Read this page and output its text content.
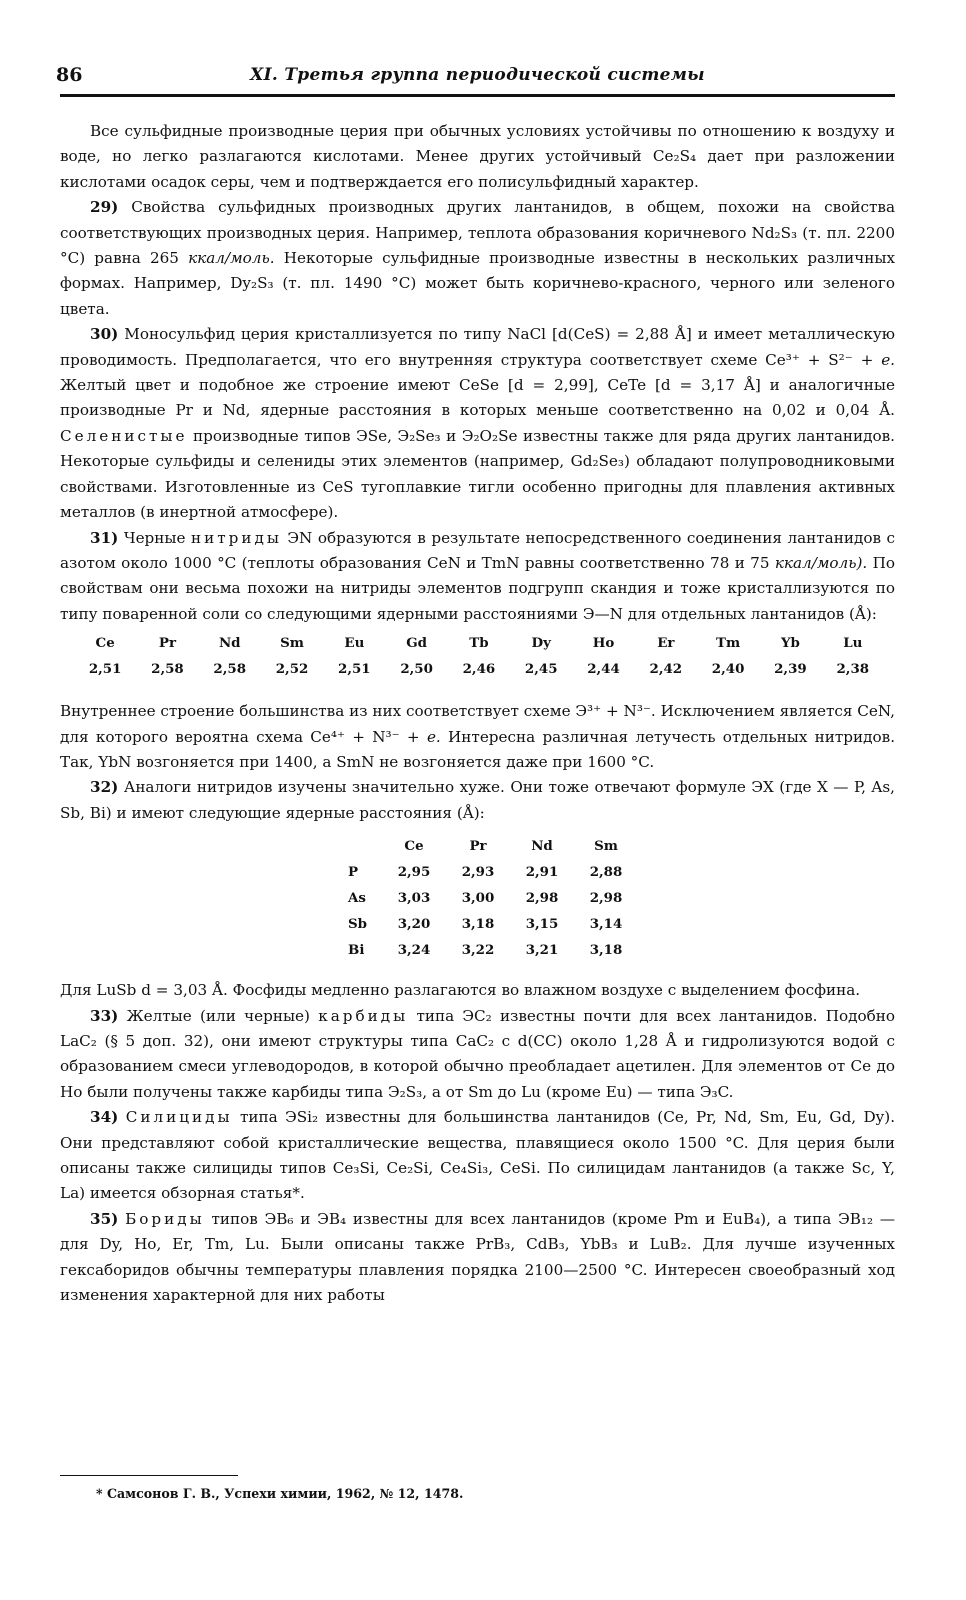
86	XI. Третья группа периодической системы

Все сульфидные производные церия при обычных условиях устойчивы по отношению к воздуху и воде, но легко разлагаются кислотами. Менее других устойчивый Ce₂S₄ дает при разложении кислотами осадок серы, чем и подтверждается его полисульфидный характер.

29) Свойства сульфидных производных других лантанидов, в общем, похожи на свойства соответствующих производных церия. Например, теплота образования коричневого Nd₂S₃ (т. пл. 2200 °C) равна 265 ккал/моль. Некоторые сульфидные производные известны в нескольких различных формах. Например, Dy₂S₃ (т. пл. 1490 °C) может быть коричнево-красного, черного или зеленого цвета.

30) Моносульфид церия кристаллизуется по типу NaCl [d(CeS) = 2,88 Å] и имеет металлическую проводимость. Предполагается, что его внутренняя структура соответствует схеме Ce³⁺ + S²⁻ + e. Желтый цвет и подобное же строение имеют CeSe [d = 2,99], CeTe [d = 3,17 Å] и аналогичные производные Pr и Nd, ядерные расстояния в которых меньше соответственно на 0,02 и 0,04 Å. Селенистые производные типов ЭSe, Э₂Se₃ и Э₂O₂Se известны также для ряда других лантанидов. Некоторые сульфиды и селениды этих элементов (например, Gd₂Se₃) обладают полупроводниковыми свойствами. Изготовленные из CeS тугоплавкие тигли особенно пригодны для плавления активных металлов (в инертной атмосфере).

31) Черные нитриды ЭN образуются в результате непосредственного соединения лантанидов с азотом около 1000 °C (теплоты образования CeN и TmN равны соответственно 78 и 75 ккал/моль). По свойствам они весьма похожи на нитриды элементов подгрупп скандия и тоже кристаллизуются по типу поваренной соли со следующими ядерными расстояниями Э—N для отдельных лантанидов (Å):

Ce	Pr	Nd	Sm	Eu	Gd	Tb	Dy	Ho	Er	Tm	Yb	Lu
2,51	2,58	2,58	2,52	2,51	2,50	2,46	2,45	2,44	2,42	2,40	2,39	2,38

Внутреннее строение большинства из них соответствует схеме Э³⁺ + N³⁻. Исключением является CeN, для которого вероятна схема Ce⁴⁺ + N³⁻ + e. Интересна различная летучесть отдельных нитридов. Так, YbN возгоняется при 1400, а SmN не возгоняется даже при 1600 °C.

32) Аналоги нитридов изучены значительно хуже. Они тоже отвечают формуле ЭХ (где X — P, As, Sb, Bi) и имеют следующие ядерные расстояния (Å):

	Ce	Pr	Nd	Sm
P	2,95	2,93	2,91	2,88
As	3,03	3,00	2,98	2,98
Sb	3,20	3,18	3,15	3,14
Bi	3,24	3,22	3,21	3,18

Для LuSb d = 3,03 Å. Фосфиды медленно разлагаются во влажном воздухе с выделением фосфина.

33) Желтые (или черные) карбиды типа ЭC₂ известны почти для всех лантанидов. Подобно LaC₂ (§ 5 доп. 32), они имеют структуры типа CaC₂ с d(CC) около 1,28 Å и гидролизуются водой с образованием смеси углеводородов, в которой обычно преобладает ацетилен. Для элементов от Ce до Ho были получены также карбиды типа Э₂S₃, а от Sm до Lu (кроме Eu) — типа Э₃C.

34) Силициды типа ЭSi₂ известны для большинства лантанидов (Ce, Pr, Nd, Sm, Eu, Gd, Dy). Они представляют собой кристаллические вещества, плавящиеся около 1500 °C. Для церия были описаны также силициды типов Ce₃Si, Ce₂Si, Ce₄Si₃, CeSi. По силицидам лантанидов (а также Sc, Y, La) имеется обзорная статья*.

35) Бориды типов ЭB₆ и ЭB₄ известны для всех лантанидов (кроме Pm и EuB₄), а типа ЭB₁₂ — для Dy, Ho, Er, Tm, Lu. Были описаны также PrB₃, CdB₃, YbB₃ и LuB₂. Для лучше изученных гексаборидов обычны температуры плавления порядка 2100—2500 °C. Интересен своеобразный ход изменения характерной для них работы

* Самсонов Г. В., Успехи химии, 1962, № 12, 1478.
